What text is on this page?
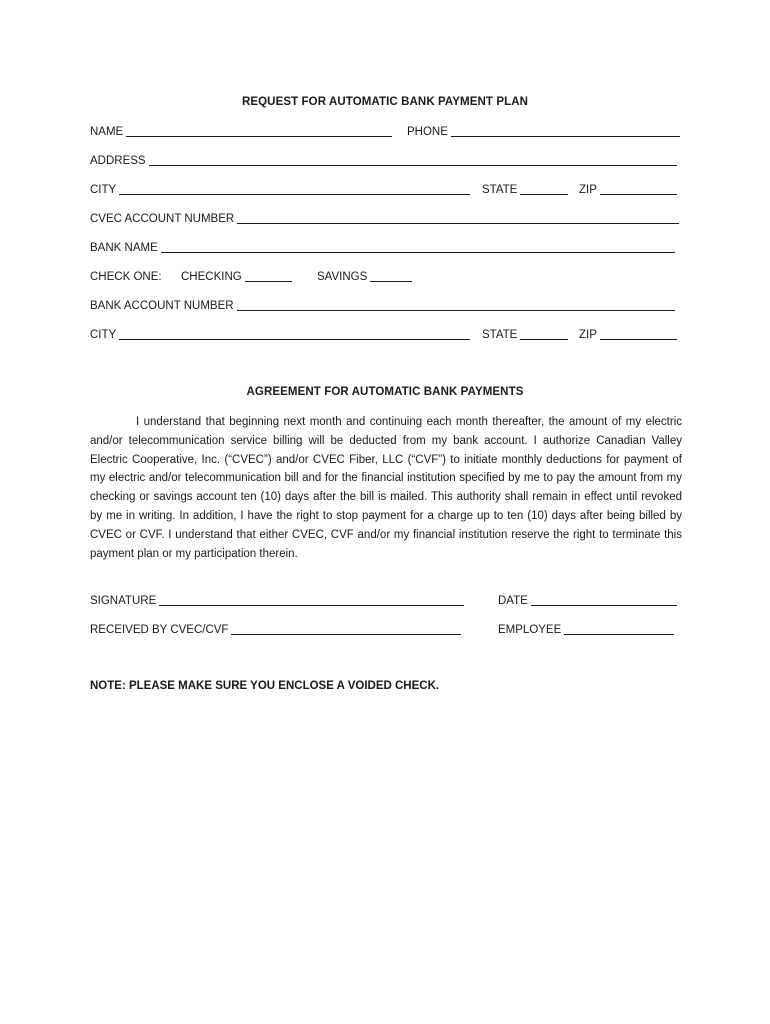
REQUEST FOR AUTOMATIC BANK PAYMENT PLAN
NAME	PHONE
ADDRESS
CITY	STATE	ZIP
CVEC ACCOUNT NUMBER
BANK NAME
CHECK ONE: CHECKING	SAVINGS
BANK ACCOUNT NUMBER
CITY	STATE	ZIP
AGREEMENT FOR AUTOMATIC BANK PAYMENTS
I understand that beginning next month and continuing each month thereafter, the amount of my electric and/or telecommunication service billing will be deducted from my bank account. I authorize Canadian Valley Electric Cooperative, Inc. (“CVEC”) and/or CVEC Fiber, LLC (“CVF”) to initiate monthly deductions for payment of my electric and/or telecommunication bill and for the financial institution specified by me to pay the amount from my checking or savings account ten (10) days after the bill is mailed. This authority shall remain in effect until revoked by me in writing. In addition, I have the right to stop payment for a charge up to ten (10) days after being billed by CVEC or CVF. I understand that either CVEC, CVF and/or my financial institution reserve the right to terminate this payment plan or my participation therein.
SIGNATURE	DATE
RECEIVED BY CVEC/CVF	EMPLOYEE
NOTE: PLEASE MAKE SURE YOU ENCLOSE A VOIDED CHECK.
